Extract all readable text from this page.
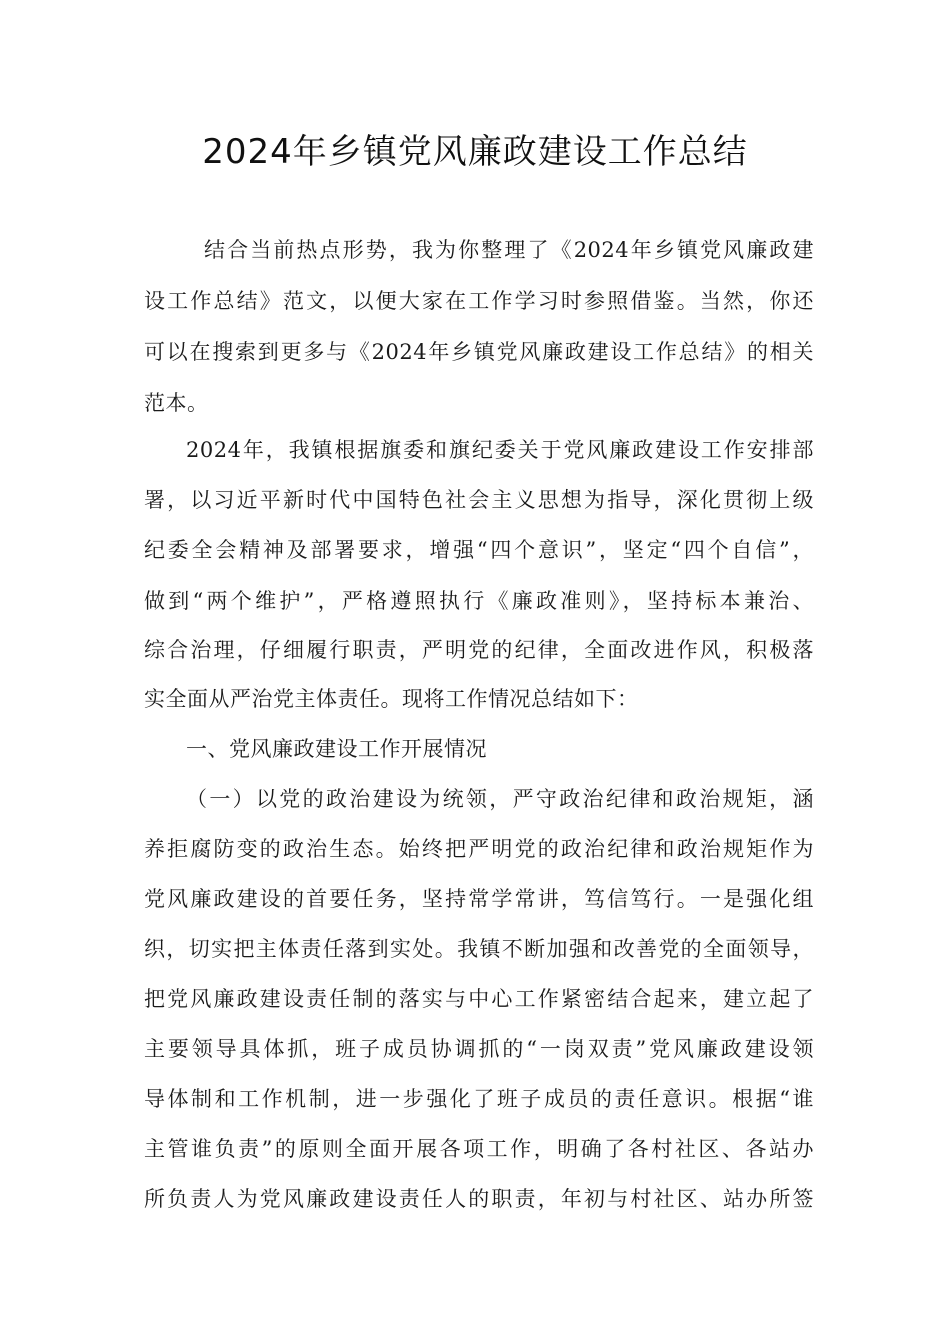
2024年乡镇党风廉政建设工作总结
结合当前热点形势，我为你整理了《2024年乡镇党风廉政建
设工作总结》范文，以便大家在工作学习时参照借鉴。当然，你还
可以在搜索到更多与《2024年乡镇党风廉政建设工作总结》的相关
范本。
2024年，我镇根据旗委和旗纪委关于党风廉政建设工作安排部
署，以习近平新时代中国特色社会主义思想为指导，深化贯彻上级
纪委全会精神及部署要求，增强“四个意识”，坚定“四个自信”，
做到“两个维护”，严格遵照执行《廉政准则》，坚持标本兼治、
综合治理，仔细履行职责，严明党的纪律，全面改进作风，积极落
实全面从严治党主体责任。现将工作情况总结如下：
一、党风廉政建设工作开展情况
（一）以党的政治建设为统领，严守政治纪律和政治规矩，涵
养拒腐防变的政治生态。始终把严明党的政治纪律和政治规矩作为
党风廉政建设的首要任务，坚持常学常讲，笃信笃行。一是强化组
织，切实把主体责任落到实处。我镇不断加强和改善党的全面领导，
把党风廉政建设责任制的落实与中心工作紧密结合起来，建立起了
主要领导具体抓，班子成员协调抓的“一岗双责”党风廉政建设领
导体制和工作机制，进一步强化了班子成员的责任意识。根据“谁
主管谁负责”的原则全面开展各项工作，明确了各村社区、各站办
所负责人为党风廉政建设责任人的职责，年初与村社区、站办所签
